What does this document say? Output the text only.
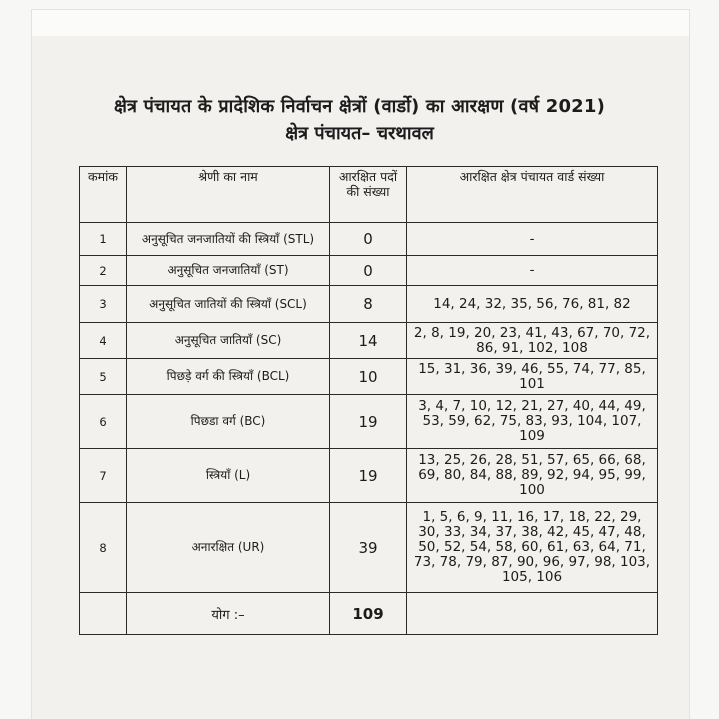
क्षेत्र पंचायत के प्रादेशिक निर्वाचन क्षेत्रों (वार्डो) का आरक्षण (वर्ष 2021)
क्षेत्र पंचायत– चरथावल
कमांक	श्रेणी का नाम	आरक्षित पदों की संख्या	आरक्षित क्षेत्र पंचायत वार्ड संख्या
1	अनुसूचित जनजातियों की स्त्रियाँ (STL)	0	-
2	अनुसूचित जनजातियाँ (ST)	0	-
3	अनुसूचित जातियों की स्त्रियाँ (SCL)	8	14, 24, 32, 35, 56, 76, 81, 82
4	अनुसूचित जातियाँ (SC)	14	2, 8, 19, 20, 23, 41, 43, 67, 70, 72, 86, 91, 102, 108
5	पिछड़े वर्ग की स्त्रियाँ (BCL)	10	15, 31, 36, 39, 46, 55, 74, 77, 85, 101
6	पिछडा वर्ग (BC)	19	3, 4, 7, 10, 12, 21, 27, 40, 44, 49, 53, 59, 62, 75, 83, 93, 104, 107, 109
7	स्त्रियाँ (L)	19	13, 25, 26, 28, 51, 57, 65, 66, 68, 69, 80, 84, 88, 89, 92, 94, 95, 99, 100
8	अनारक्षित (UR)	39	1, 5, 6, 9, 11, 16, 17, 18, 22, 29, 30, 33, 34, 37, 38, 42, 45, 47, 48, 50, 52, 54, 58, 60, 61, 63, 64, 71, 73, 78, 79, 87, 90, 96, 97, 98, 103, 105, 106
	योग :–	109	
